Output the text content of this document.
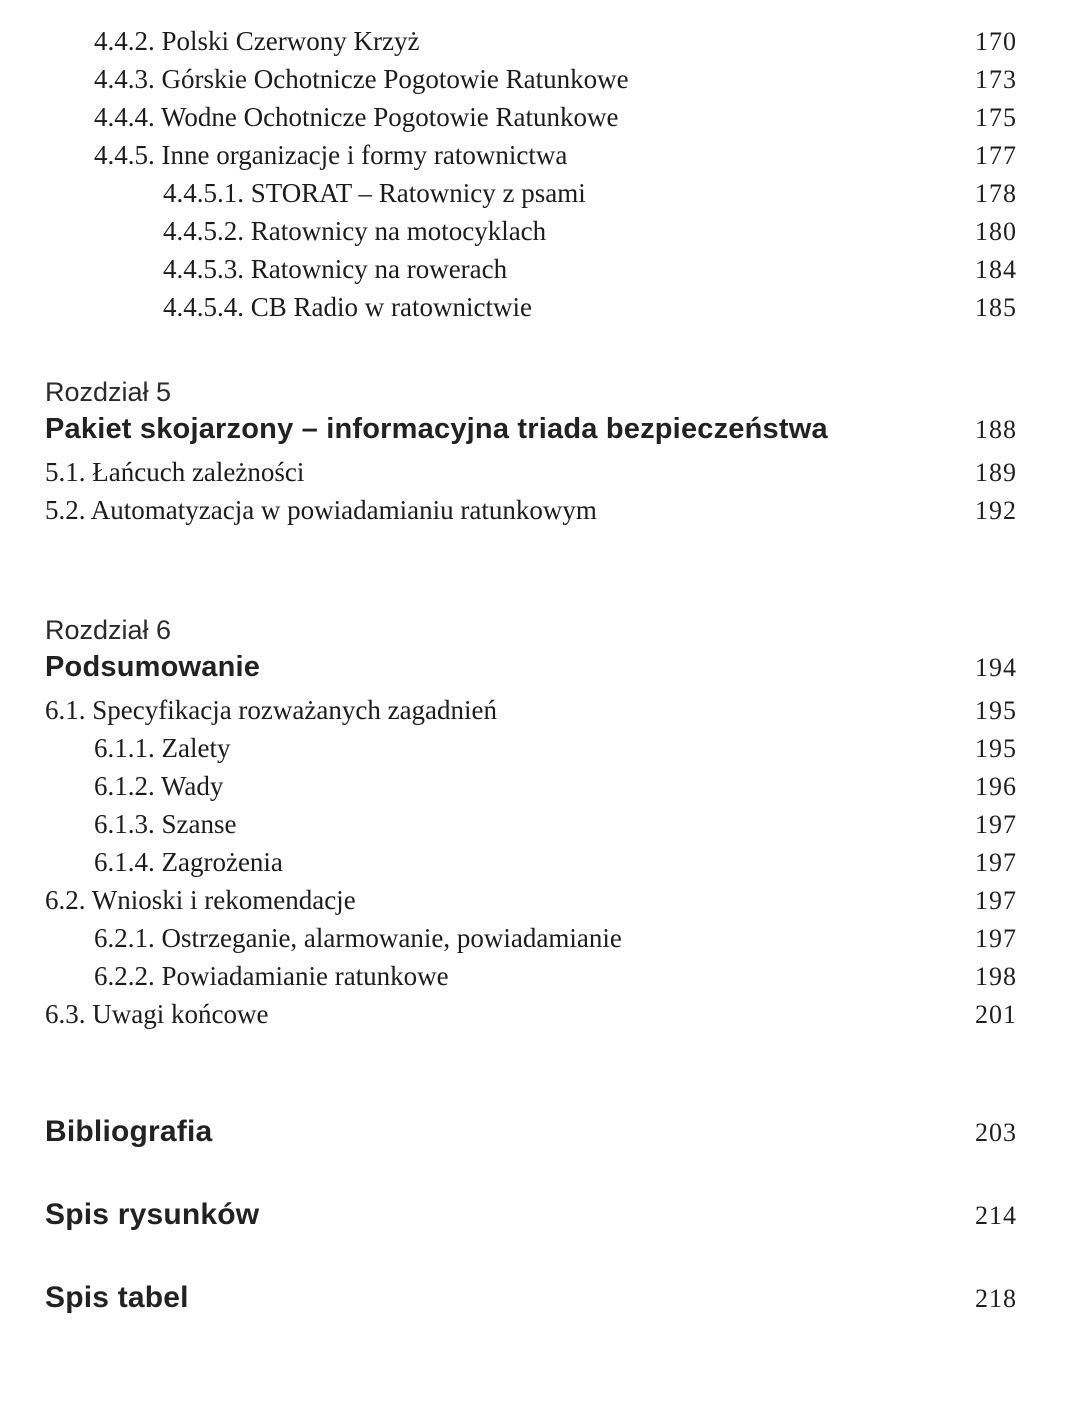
4.4.2. Polski Czerwony Krzyż	170
4.4.3. Górskie Ochotnicze Pogotowie Ratunkowe	173
4.4.4. Wodne Ochotnicze Pogotowie Ratunkowe	175
4.4.5. Inne organizacje i formy ratownictwa	177
4.4.5.1. STORAT – Ratownicy z psami	178
4.4.5.2. Ratownicy na motocyklach	180
4.4.5.3. Ratownicy na rowerach	184
4.4.5.4. CB Radio w ratownictwie	185
Rozdział 5
Pakiet skojarzony – informacyjna triada bezpieczeństwa	188
5.1. Łańcuch zależności	189
5.2. Automatyzacja w powiadamianiu ratunkowym	192
Rozdział 6
Podsumowanie	194
6.1. Specyfikacja rozważanych zagadnień	195
6.1.1. Zalety	195
6.1.2. Wady	196
6.1.3. Szanse	197
6.1.4. Zagrożenia	197
6.2. Wnioski i rekomendacje	197
6.2.1. Ostrzeganie, alarmowanie, powiadamianie	197
6.2.2. Powiadamianie ratunkowe	198
6.3. Uwagi końcowe	201
Bibliografia	203
Spis rysunków	214
Spis tabel	218
